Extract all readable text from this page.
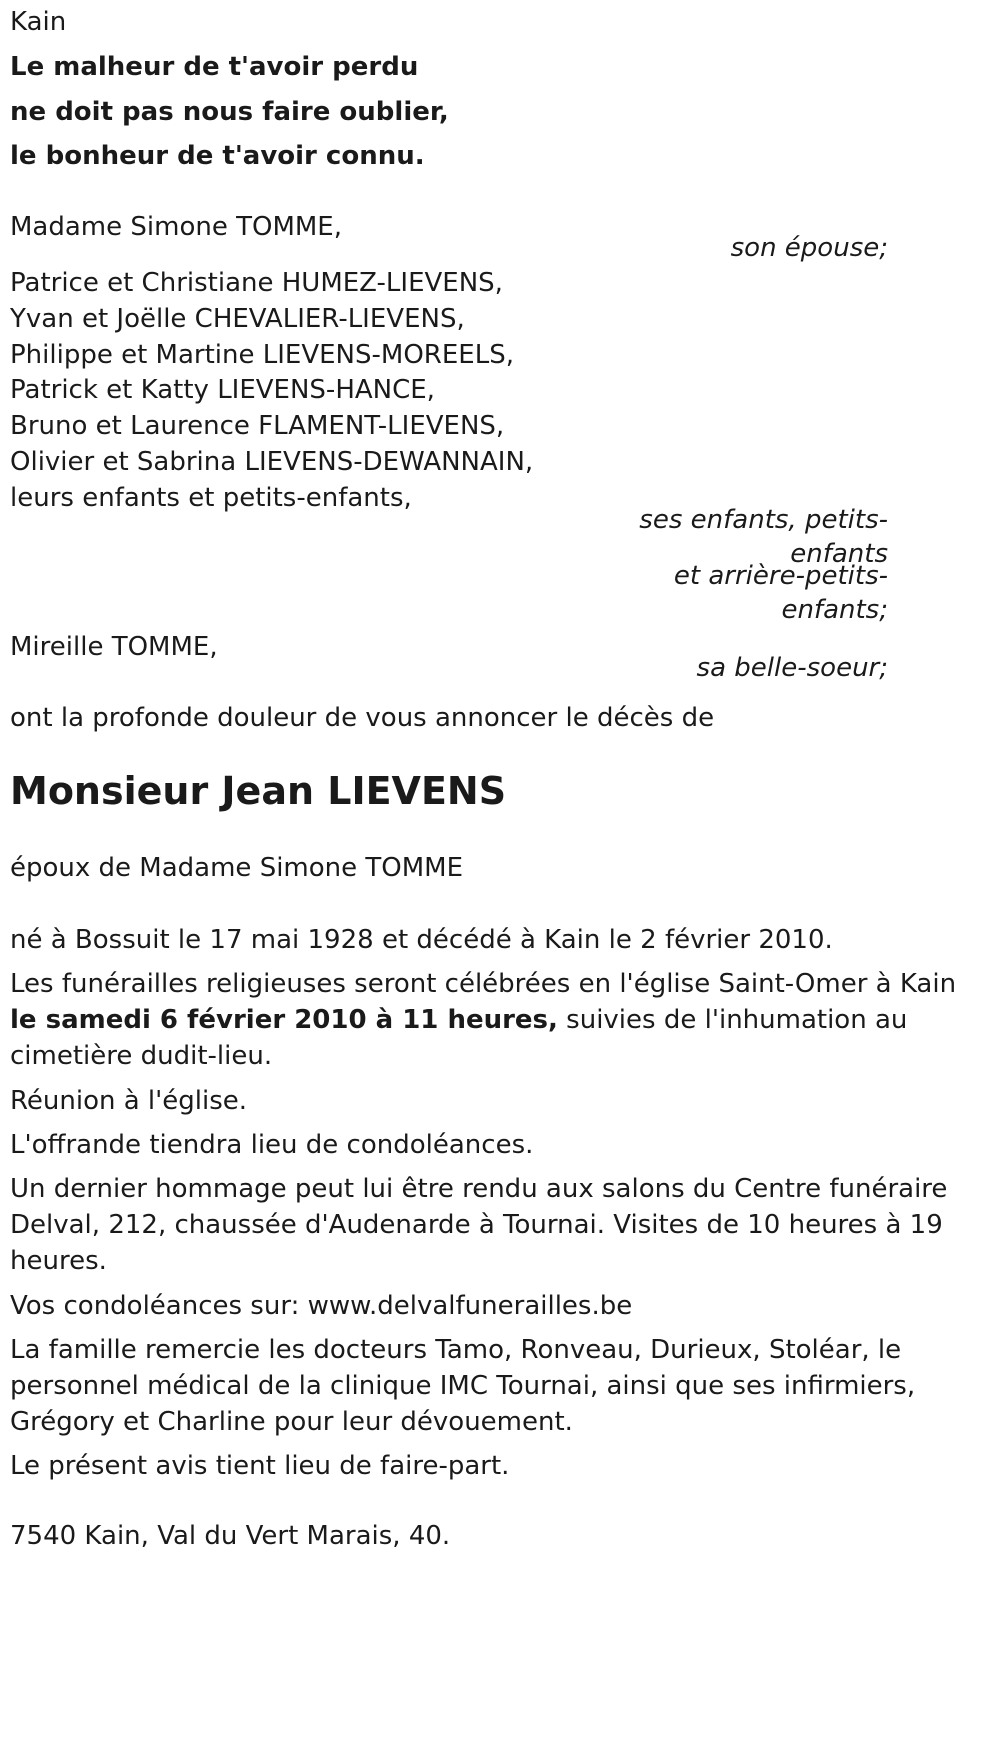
Kain
Le malheur de t'avoir perdu
ne doit pas nous faire oublier,
le bonheur de t'avoir connu.
Madame Simone TOMME,
son épouse;
Patrice et Christiane HUMEZ-LIEVENS,
Yvan et Joëlle CHEVALIER-LIEVENS,
Philippe et Martine LIEVENS-MOREELS,
Patrick et Katty LIEVENS-HANCE,
Bruno et Laurence FLAMENT-LIEVENS,
Olivier et Sabrina LIEVENS-DEWANNAIN,
leurs enfants et petits-enfants,
ses enfants, petits-
enfants
et arrière-petits-
enfants;
Mireille TOMME,
sa belle-soeur;
ont la profonde douleur de vous annoncer le décès de
Monsieur Jean LIEVENS
époux de Madame Simone TOMME
né à Bossuit le 17 mai 1928 et décédé à Kain le 2 février 2010.
Les funérailles religieuses seront célébrées en l'église Saint-Omer à Kain
le samedi 6 février 2010 à 11 heures, suivies de l'inhumation au
cimetière dudit-lieu.
Réunion à l'église.
L'offrande tiendra lieu de condoléances.
Un dernier hommage peut lui être rendu aux salons du Centre funéraire
Delval, 212, chaussée d'Audenarde à Tournai. Visites de 10 heures à 19
heures.
Vos condoléances sur: www.delvalfunerailles.be
La famille remercie les docteurs Tamo, Ronveau, Durieux, Stoléar, le
personnel médical de la clinique IMC Tournai, ainsi que ses infirmiers,
Grégory et Charline pour leur dévouement.
Le présent avis tient lieu de faire-part.
7540 Kain, Val du Vert Marais, 40.
